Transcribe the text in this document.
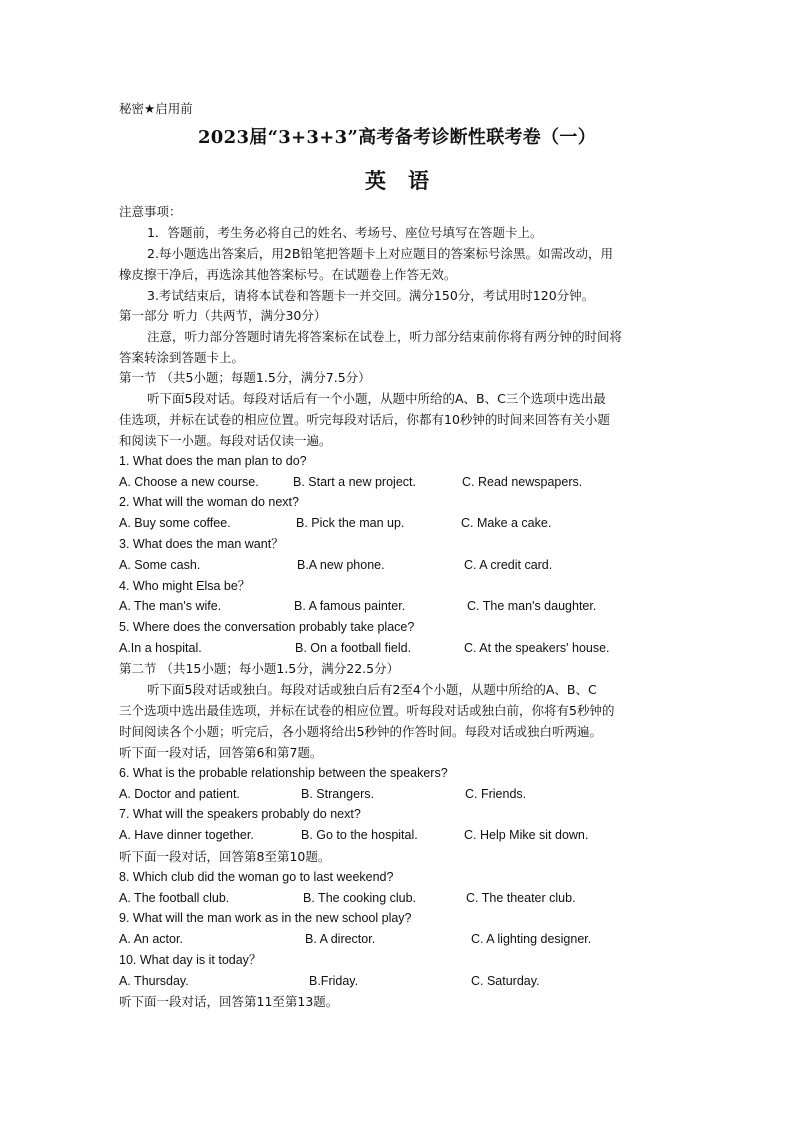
秘密★启用前
2023届“3+3+3”高考备考诊断性联考卷（一）
英语
注意事项：
1．答题前，考生务必将自己的姓名、考场号、座位号填写在答题卡上。
2.每小题选出答案后，用2B铅笔把答题卡上对应题目的答案标号涂黑。如需改动，用
橡皮擦干净后，再选涂其他答案标号。在试题卷上作答无效。
3.考试结束后，请将本试卷和答题卡一并交回。满分150分，考试用时120分钟。
第一部分 听力（共两节，满分30分）
注意，听力部分答题时请先将答案标在试卷上，听力部分结束前你将有两分钟的时间将
答案转涂到答题卡上。
第一节 （共5小题；每题1.5分，满分7.5分）
听下面5段对话。每段对话后有一个小题，从题中所给的A、B、C三个选项中选出最
佳选项，并标在试卷的相应位置。听完每段对话后，你都有10秒钟的时间来回答有关小题
和阅读下一小题。每段对话仅读一遍。
1. What does the man plan to do?
A. Choose a new course.	B. Start a new project.	C. Read newspapers.
2. What will the woman do next?
A. Buy some coffee.	B. Pick the man up.	C. Make a cake.
3. What does the man want？
A. Some cash.	B.A new phone.	C. A credit card.
4. Who might Elsa be？
A. The man's wife.	B. A famous painter.	C. The man's daughter.
5. Where does the conversation probably take place?
A.In a hospital.	B. On a football field.	C. At the speakers' house.
第二节 （共15小题；每小题1.5分，满分22.5分）
听下面5段对话或独白。每段对话或独白后有2至4个小题，从题中所给的A、B、C
三个选项中选出最佳选项，并标在试卷的相应位置。听每段对话或独白前，你将有5秒钟的
时间阅读各个小题；听完后，各小题将给出5秒钟的作答时间。每段对话或独白听两遍。
听下面一段对话，回答第6和第7题。
6. What is the probable relationship between the speakers?
A. Doctor and patient.	B. Strangers.	C. Friends.
7. What will the speakers probably do next?
A. Have dinner together.	B. Go to the hospital.	C. Help Mike sit down.
听下面一段对话，回答第8至第10题。
8. Which club did the woman go to last weekend?
A. The football club.	B. The cooking club.	C. The theater club.
9. What will the man work as in the new school play?
A. An actor.	B. A director.	C. A lighting designer.
10. What day is it today？
A. Thursday.	B.Friday.	C. Saturday.
听下面一段对话，回答第11至第13题。
